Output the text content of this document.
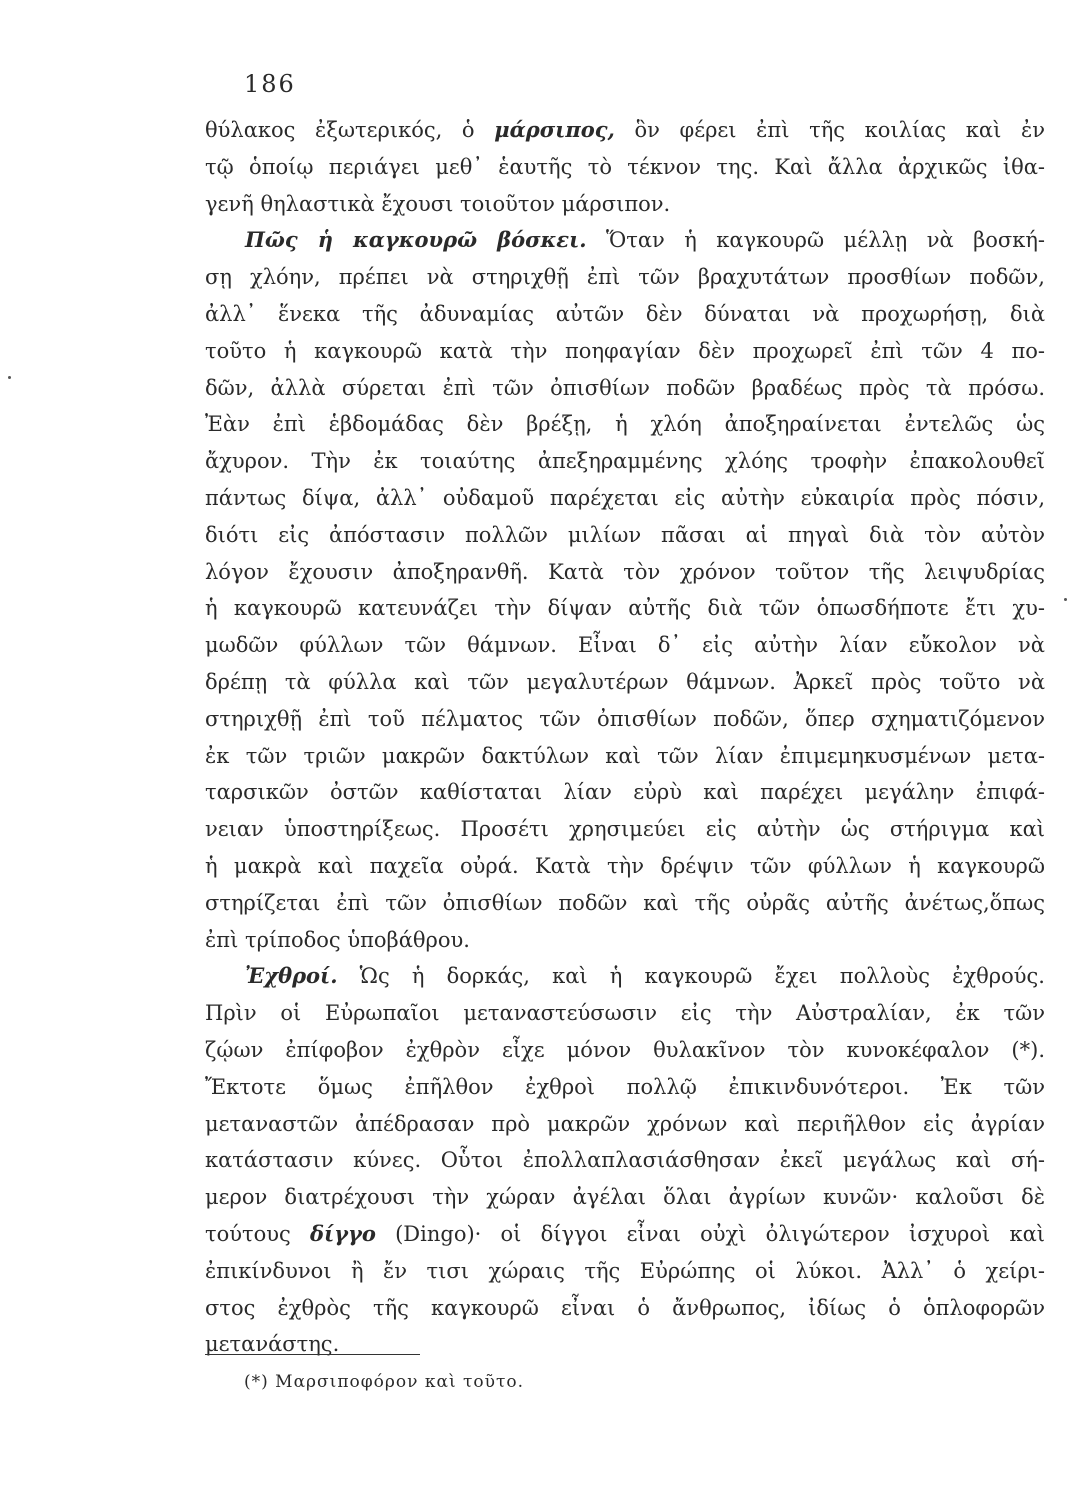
186
θύλακος ἐξωτερικός, ὁ μάρσιπος, ὃν φέρει ἐπὶ τῆς κοιλίας καὶ ἐν
τῷ ὁποίῳ περιάγει μεθ᾽ ἑαυτῆς τὸ τέκνον της. Καὶ ἄλλα ἀρχικῶς ἰθα-
γενῆ θηλαστικὰ ἔχουσι τοιοῦτον μάρσιπον.
Πῶς ἡ καγκουρῶ βόσκει. Ὅταν ἡ καγκουρῶ μέλλῃ νὰ βοσκή-
σῃ χλόην, πρέπει νὰ στηριχθῇ ἐπὶ τῶν βραχυτάτων προσθίων ποδῶν,
ἀλλ᾽ ἕνεκα τῆς ἀδυναμίας αὐτῶν δὲν δύναται νὰ προχωρήσῃ, διὰ
τοῦτο ἡ καγκουρῶ κατὰ τὴν ποηφαγίαν δὲν προχωρεῖ ἐπὶ τῶν 4 πο-
δῶν, ἀλλὰ σύρεται ἐπὶ τῶν ὀπισθίων ποδῶν βραδέως πρὸς τὰ πρόσω.
Ἐὰν ἐπὶ ἑβδομάδας δὲν βρέξῃ, ἡ χλόη ἀποξηραίνεται ἐντελῶς ὡς
ἄχυρον. Τὴν ἐκ τοιαύτης ἀπεξηραμμένης χλόης τροφὴν ἐπακολουθεῖ
πάντως δίψα, ἀλλ᾽ οὐδαμοῦ παρέχεται εἰς αὐτὴν εὐκαιρία πρὸς πόσιν,
διότι εἰς ἀπόστασιν πολλῶν μιλίων πᾶσαι αἱ πηγαὶ διὰ τὸν αὐτὸν
λόγον ἔχουσιν ἀποξηρανθῆ. Κατὰ τὸν χρόνον τοῦτον τῆς λειψυδρίας
ἡ καγκουρῶ κατευνάζει τὴν δίψαν αὐτῆς διὰ τῶν ὁπωσδήποτε ἔτι χυ-
μωδῶν φύλλων τῶν θάμνων. Εἶναι δ᾽ εἰς αὐτὴν λίαν εὔκολον νὰ
δρέπῃ τὰ φύλλα καὶ τῶν μεγαλυτέρων θάμνων. Ἀρκεῖ πρὸς τοῦτο νὰ
στηριχθῇ ἐπὶ τοῦ πέλματος τῶν ὀπισθίων ποδῶν, ὅπερ σχηματιζόμενον
ἐκ τῶν τριῶν μακρῶν δακτύλων καὶ τῶν λίαν ἐπιμεμηκυσμένων μετα-
ταρσικῶν ὀστῶν καθίσταται λίαν εὐρὺ καὶ παρέχει μεγάλην ἐπιφά-
νειαν ὑποστηρίξεως. Προσέτι χρησιμεύει εἰς αὐτὴν ὡς στήριγμα καὶ
ἡ μακρὰ καὶ παχεῖα οὐρά. Κατὰ τὴν δρέψιν τῶν φύλλων ἡ καγκουρῶ
στηρίζεται ἐπὶ τῶν ὀπισθίων ποδῶν καὶ τῆς οὐρᾶς αὐτῆς ἀνέτως,ὅπως
ἐπὶ τρίποδος ὑποβάθρου.
Ἐχθροί. Ὡς ἡ δορκάς, καὶ ἡ καγκουρῶ ἔχει πολλοὺς ἐχθρούς.
Πρὶν οἱ Εὐρωπαῖοι μεταναστεύσωσιν εἰς τὴν Αὐστραλίαν, ἐκ τῶν
ζῴων ἐπίφοβον ἐχθρὸν εἶχε μόνον θυλακῖνον τὸν κυνοκέφαλον (*).
Ἔκτοτε ὅμως ἐπῆλθον ἐχθροὶ πολλῷ ἐπικινδυνότεροι. Ἐκ τῶν
μεταναστῶν ἀπέδρασαν πρὸ μακρῶν χρόνων καὶ περιῆλθον εἰς ἀγρίαν
κατάστασιν κύνες. Οὗτοι ἐπολλαπλασιάσθησαν ἐκεῖ μεγάλως καὶ σή-
μερον διατρέχουσι τὴν χώραν ἀγέλαι ὅλαι ἀγρίων κυνῶν· καλοῦσι δὲ
τούτους δίγγο (Dingo)· οἱ δίγγοι εἶναι οὐχὶ ὀλιγώτερον ἰσχυροὶ καὶ
ἐπικίνδυνοι ἢ ἔν τισι χώραις τῆς Εὐρώπης οἱ λύκοι. Ἀλλ᾽ ὁ χείρι-
στος ἐχθρὸς τῆς καγκουρῶ εἶναι ὁ ἄνθρωπος, ἰδίως ὁ ὁπλοφορῶν
μετανάστης.
(*) Μαρσιποφόρον καὶ τοῦτο.
